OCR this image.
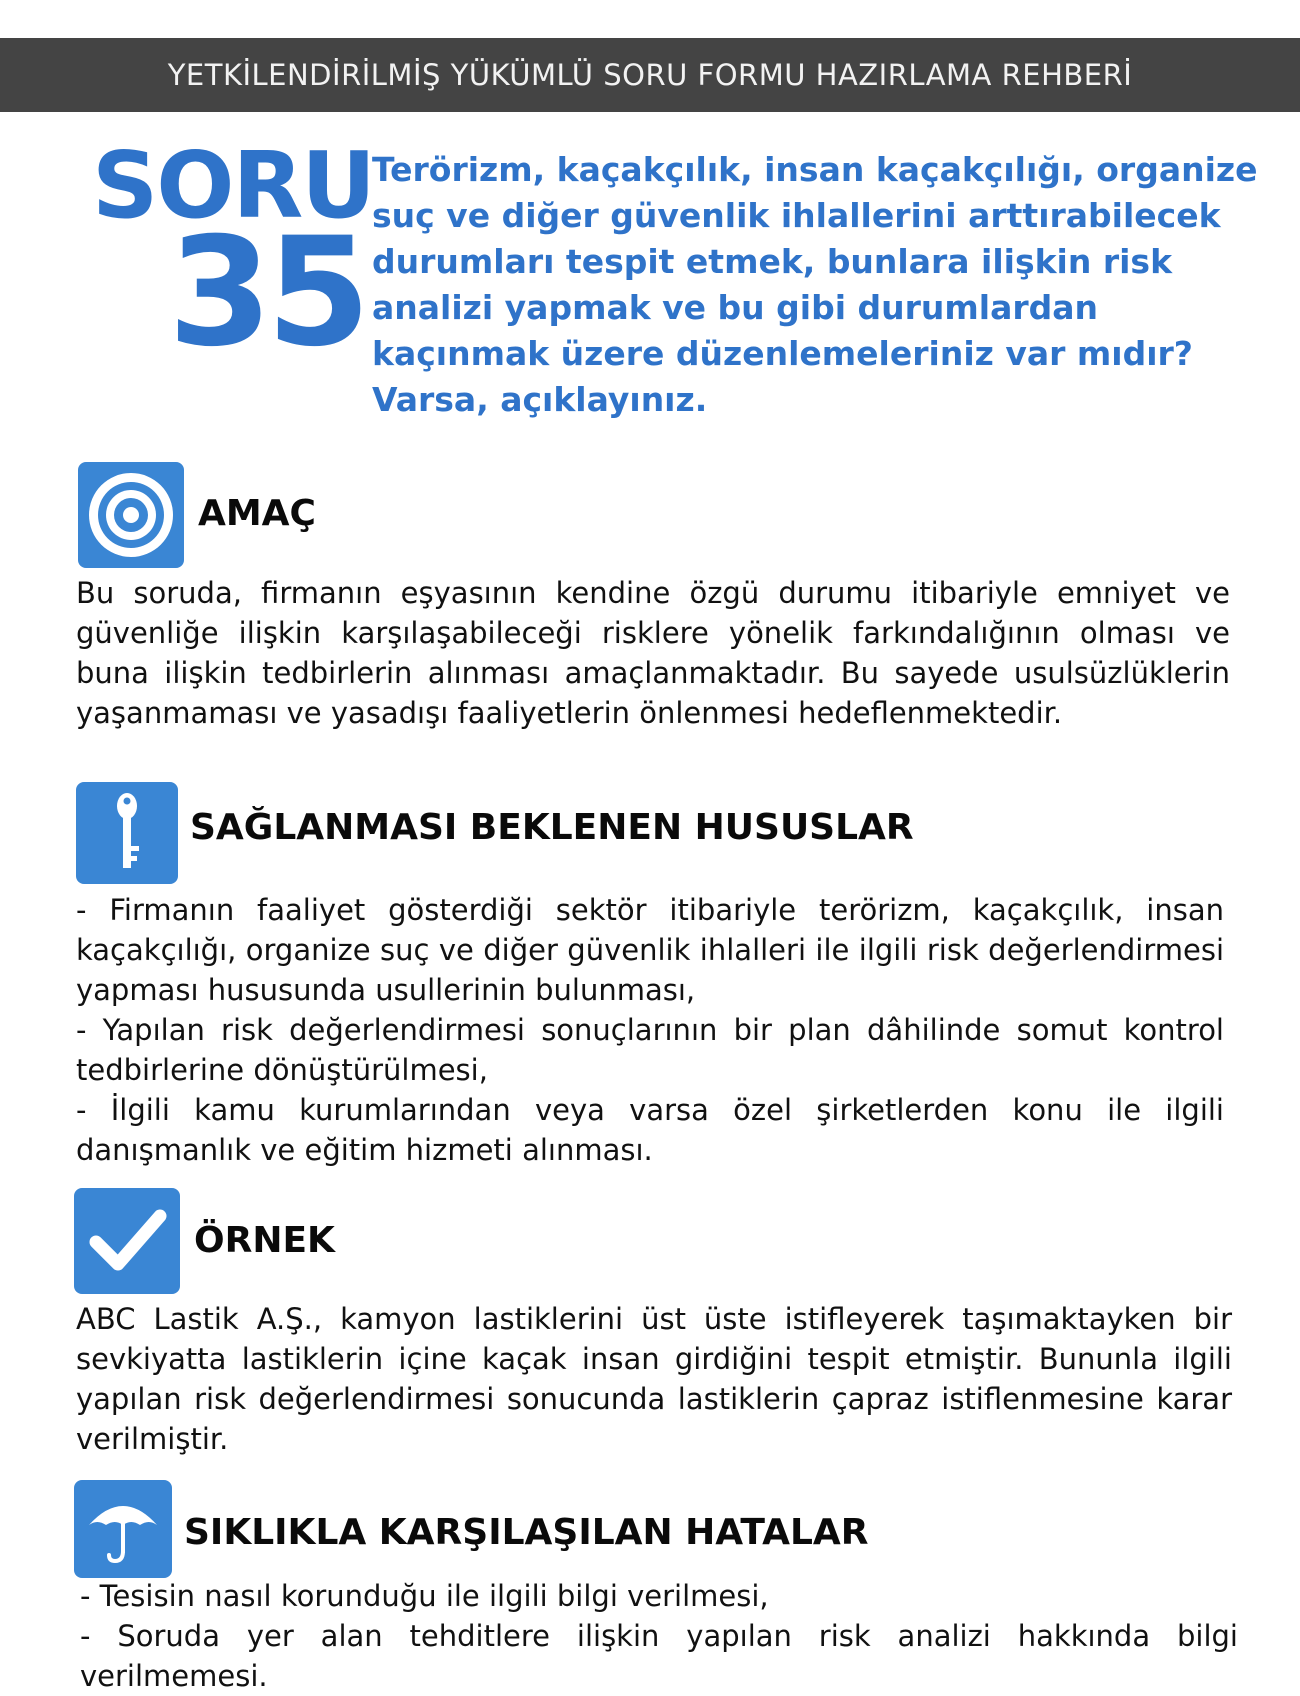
YETKİLENDİRİLMİŞ YÜKÜMLÜ SORU FORMU HAZIRLAMA REHBERİ
SORU
35
Terörizm, kaçakçılık, insan kaçakçılığı, organize suç ve diğer güvenlik ihlallerini arttırabilecek durumları tespit etmek, bunlara ilişkin risk analizi yapmak ve bu gibi durumlardan kaçınmak üzere düzenlemeleriniz var mıdır? Varsa, açıklayınız.
AMAÇ

Bu soruda, firmanın eşyasının kendine özgü durumu itibariyle emniyet ve güvenliğe ilişkin karşılaşabileceği risklere yönelik farkındalığının olması ve buna ilişkin tedbirlerin alınması amaçlanmaktadır. Bu sayede usulsüzlüklerin yaşanmaması ve yasadışı faaliyetlerin önlenmesi hedeflenmektedir.

SAĞLANMASI BEKLENEN HUSUSLAR

- Firmanın faaliyet gösterdiği sektör itibariyle terörizm, kaçakçılık, insan kaçakçılığı, organize suç ve diğer güvenlik ihlalleri ile ilgili risk değerlendirmesi yapması hususunda usullerinin bulunması,

- Yapılan risk değerlendirmesi sonuçlarının bir plan dâhilinde somut kontrol tedbirlerine dönüştürülmesi,

- İlgili kamu kurumlarından veya varsa özel şirketlerden konu ile ilgili danışmanlık ve eğitim hizmeti alınması.

ÖRNEK

ABC Lastik A.Ş., kamyon lastiklerini üst üste istifleyerek taşımaktayken bir sevkiyatta lastiklerin içine kaçak insan girdiğini tespit etmiştir. Bununla ilgili yapılan risk değerlendirmesi sonucunda lastiklerin çapraz istiflenmesine karar verilmiştir.

SIKLIKLA KARŞILAŞILAN HATALAR

- Tesisin nasıl korunduğu ile ilgili bilgi verilmesi,

- Soruda yer alan tehditlere ilişkin yapılan risk analizi hakkında bilgi verilmemesi.
